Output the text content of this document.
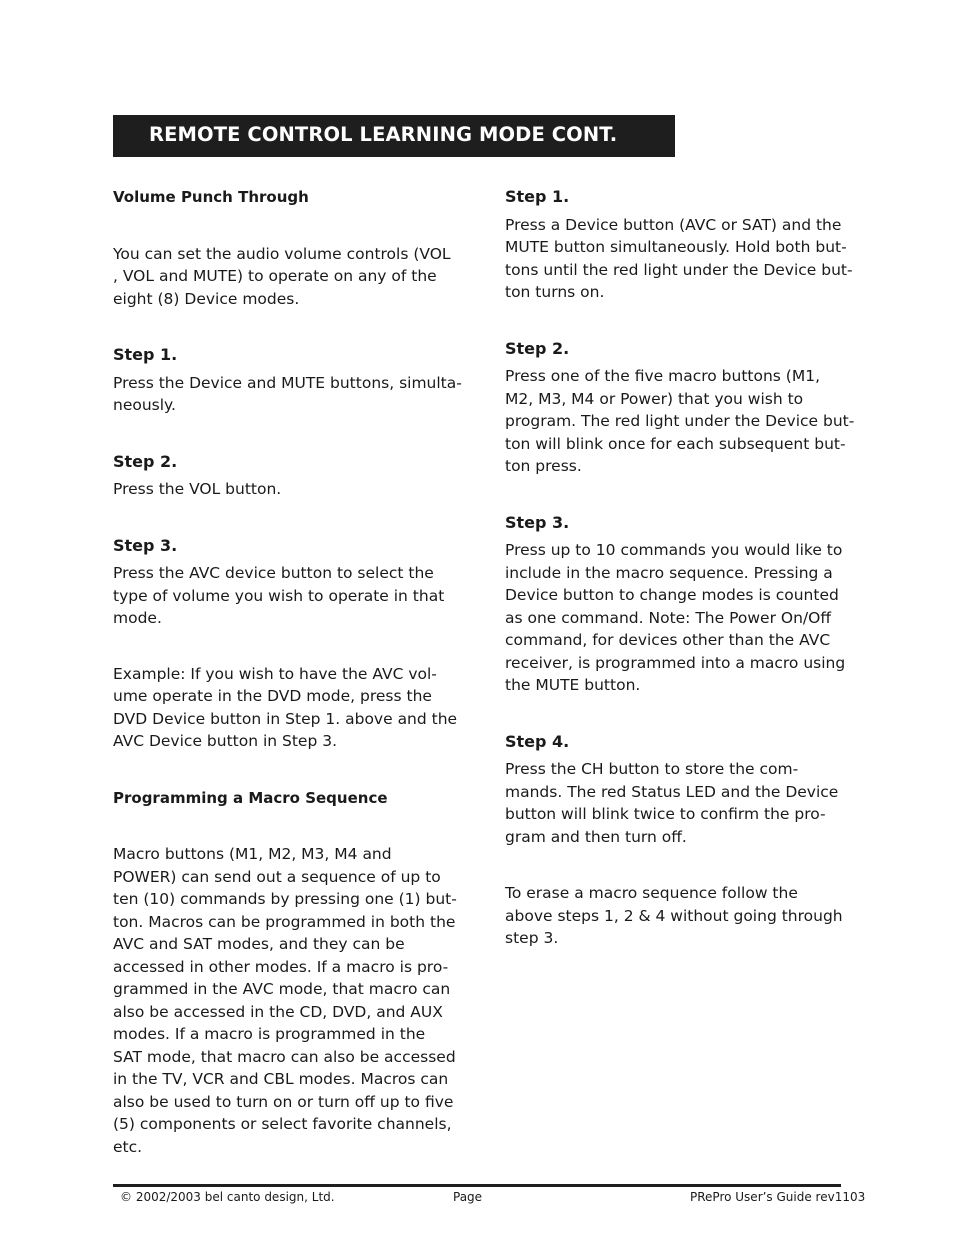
REMOTE CONTROL LEARNING MODE CONT.
Volume Punch Through
You can set the audio volume controls (VOL
, VOL and MUTE) to operate on any of the
eight (8) Device modes.
Step 1.
Press the Device and MUTE buttons, simulta-
neously.
Step 2.
Press the VOL button.
Step 3.
Press the AVC device button to select the
type of volume you wish to operate in that
mode.
Example: If you wish to have the AVC vol-
ume operate in the DVD mode, press the
DVD Device button in Step 1. above and the
AVC Device button in Step 3.
Programming a Macro Sequence
Macro buttons (M1, M2, M3, M4 and
POWER) can send out a sequence of up to
ten (10) commands by pressing one (1) but-
ton. Macros can be programmed in both the
AVC and SAT modes, and they can be
accessed in other modes. If a macro is pro-
grammed in the AVC mode, that macro can
also be accessed in the CD, DVD, and AUX
modes. If a macro is programmed in the
SAT mode, that macro can also be accessed
in the TV, VCR and CBL modes. Macros can
also be used to turn on or turn off up to five
(5) components or select favorite channels,
etc.
Step 1.
Press a Device button (AVC or SAT) and the
MUTE button simultaneously. Hold both but-
tons until the red light under the Device but-
ton turns on.
Step 2.
Press one of the five macro buttons (M1,
M2, M3, M4 or Power) that you wish to
program. The red light under the Device but-
ton will blink once for each subsequent but-
ton press.
Step 3.
Press up to 10 commands you would like to
include in the macro sequence. Pressing a
Device button to change modes is counted
as one command. Note: The Power On/Off
command, for devices other than the AVC
receiver, is programmed into a macro using
the MUTE button.
Step 4.
Press the CH button to store the com-
mands. The red Status LED and the Device
button will blink twice to confirm the pro-
gram and then turn off.
To erase a macro sequence follow the
above steps 1, 2 & 4 without going through
step 3.
© 2002/2003 bel canto design, Ltd.	Page	PRePro User’s Guide rev1103
